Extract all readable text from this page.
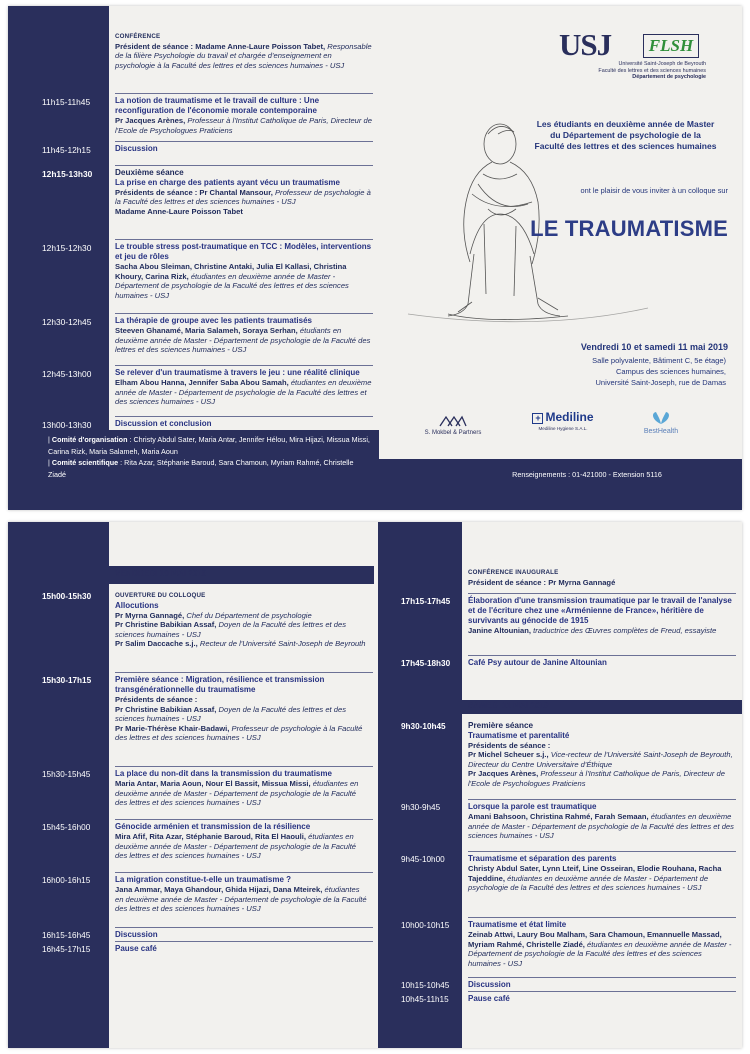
CONFÉRENCE
Président de séance : Madame Anne-Laure Poisson Tabet, Responsable de la filière Psychologie du travail et chargée d'enseignement en psychologie à la Faculté des lettres et des sciences humaines - USJ

11h15-11h45	La notion de traumatisme et le travail de culture : Une reconfiguration de l'économie morale contemporaine
Pr Jacques Arènes, Professeur à l'Institut Catholique de Paris, Directeur de l'Ecole de Psychologues Praticiens

11h45-12h15	Discussion
12h15-13h30	Deuxième séance
La prise en charge des patients ayant vécu un traumatisme
Présidents de séance : Pr Chantal Mansour, Professeur de psychologie à la Faculté des lettres et des sciences humaines - USJ
Madame Anne-Laure Poisson Tabet

12h15-12h30	Le trouble stress post-traumatique en TCC : Modèles, interventions et jeu de rôles
Sacha Abou Sleiman, Christine Antaki, Julia El Kallasi, Christina Khoury, Carina Rizk, étudiantes en deuxième année de Master - Département de psychologie de la Faculté des lettres et des sciences humaines - USJ

12h30-12h45	La thérapie de groupe avec les patients traumatisés
Steeven Ghanamé, Maria Salameh, Soraya Serhan, étudiants en deuxième année de Master - Département de psychologie de la Faculté des lettres et des sciences humaines - USJ

12h45-13h00	Se relever d'un traumatisme à travers le jeu : une réalité clinique
Elham Abou Hanna, Jennifer Saba Abou Samah, étudiantes en deuxième année de Master - Département de psychologie de la Faculté des lettres et des sciences humaines - USJ

13h00-13h30	Discussion et conclusion
| Comité d'organisation : Christy Abdul Sater, Maria Antar, Jennifer Hélou, Mira Hijazi, Missua Missi, Carina Rizk, Maria Salameh, Maria Aoun
| Comité scientifique : Rita Azar, Stéphanie Baroud, Sara Chamoun, Myriam Rahmé, Christelle Ziadé
USJ	FLSH
Université Saint-Joseph de Beyrouth
Faculté des lettres et des sciences humaines
Département de psychologie
Les étudiants en deuxième année de Master
du Département de psychologie de la
Faculté des lettres et des sciences humaines
ont le plaisir de vous inviter à un colloque sur
LE TRAUMATISME
Vendredi 10 et samedi 11 mai 2019
Salle polyvalente, Bâtiment C, 5e étage)
Campus des sciences humaines,
Université Saint-Joseph, rue de Damas
S. Mokbel & Partners
+ Mediline
Mediline Hygiene S.A.L.	BestHealth
Renseignements : 01-421000 - Extension 5116
VENDREDI 10 MAI 2019
SAMEDI 11 MAI 2019
15h00-15h30	OUVERTURE DU COLLOQUE
Allocutions
Pr Myrna Gannagé, Chef du Département de psychologie
Pr Christine Babikian Assaf, Doyen de la Faculté des lettres et des sciences humaines - USJ
Pr Salim Daccache s.j., Recteur de l'Université Saint-Joseph de Beyrouth

15h30-17h15	Première séance : Migration, résilience et transmission transgénérationnelle du traumatisme
Présidents de séance :
Pr Christine Babikian Assaf, Doyen de la Faculté des lettres et des sciences humaines - USJ
Pr Marie-Thérèse Khair-Badawi, Professeur de psychologie à la Faculté des lettres et des sciences humaines - USJ

15h30-15h45	La place du non-dit dans la transmission du traumatisme
Maria Antar, Maria Aoun, Nour El Bassit, Missua Missi, étudiantes en deuxième année de Master - Département de psychologie de la Faculté des lettres et des sciences humaines - USJ

15h45-16h00	Génocide arménien et transmission de la résilience
Mira Afif, Rita Azar, Stéphanie Baroud, Rita El Haouli, étudiantes en deuxième année de Master - Département de psychologie de la Faculté des lettres et des sciences humaines - USJ

16h00-16h15	La migration constitue-t-elle un traumatisme ?
Jana Ammar, Maya Ghandour, Ghida Hijazi, Dana Mteirek, étudiantes en deuxième année de Master - Département de psychologie de la Faculté des lettres et des sciences humaines - USJ

16h15-16h45	Discussion
16h45-17h15	Pause café
CONFÉRENCE INAUGURALE
Président de séance : Pr Myrna Gannagé

17h15-17h45	Élaboration d'une transmission traumatique par le travail de l'analyse et de l'écriture chez une «Arménienne de France», héritière de survivants au génocide de 1915
Janine Altounian, traductrice des Œuvres complètes de Freud, essayiste

17h45-18h30	Café Psy autour de Janine Altounian
9h30-10h45	Première séance
Traumatisme et parentalité
Présidents de séance :
Pr Michel Scheuer s.j., Vice-recteur de l'Université Saint-Joseph de Beyrouth, Directeur du Centre Universitaire d'Éthique
Pr Jacques Arènes, Professeur à l'Institut Catholique de Paris, Directeur de l'Ecole de Psychologues Praticiens

9h30-9h45	Lorsque la parole est traumatique
Amani Bahsoon, Christina Rahmé, Farah Semaan, étudiantes en deuxième année de Master - Département de psychologie de la Faculté des lettres et des sciences humaines - USJ

9h45-10h00	Traumatisme et séparation des parents
Christy Abdul Sater, Lynn Lteif, Line Osseiran, Elodie Rouhana, Racha Tajeddine, étudiantes en deuxième année de Master - Département de psychologie de la Faculté des lettres et des sciences humaines - USJ

10h00-10h15	Traumatisme et état limite
Zeinab Attwi, Laury Bou Malham, Sara Chamoun, Emannuelle Massad, Myriam Rahmé, Christelle Ziadé, étudiantes en deuxième année de Master - Département de psychologie de la Faculté des lettres et des sciences humaines - USJ

10h15-10h45	Discussion
10h45-11h15	Pause café
